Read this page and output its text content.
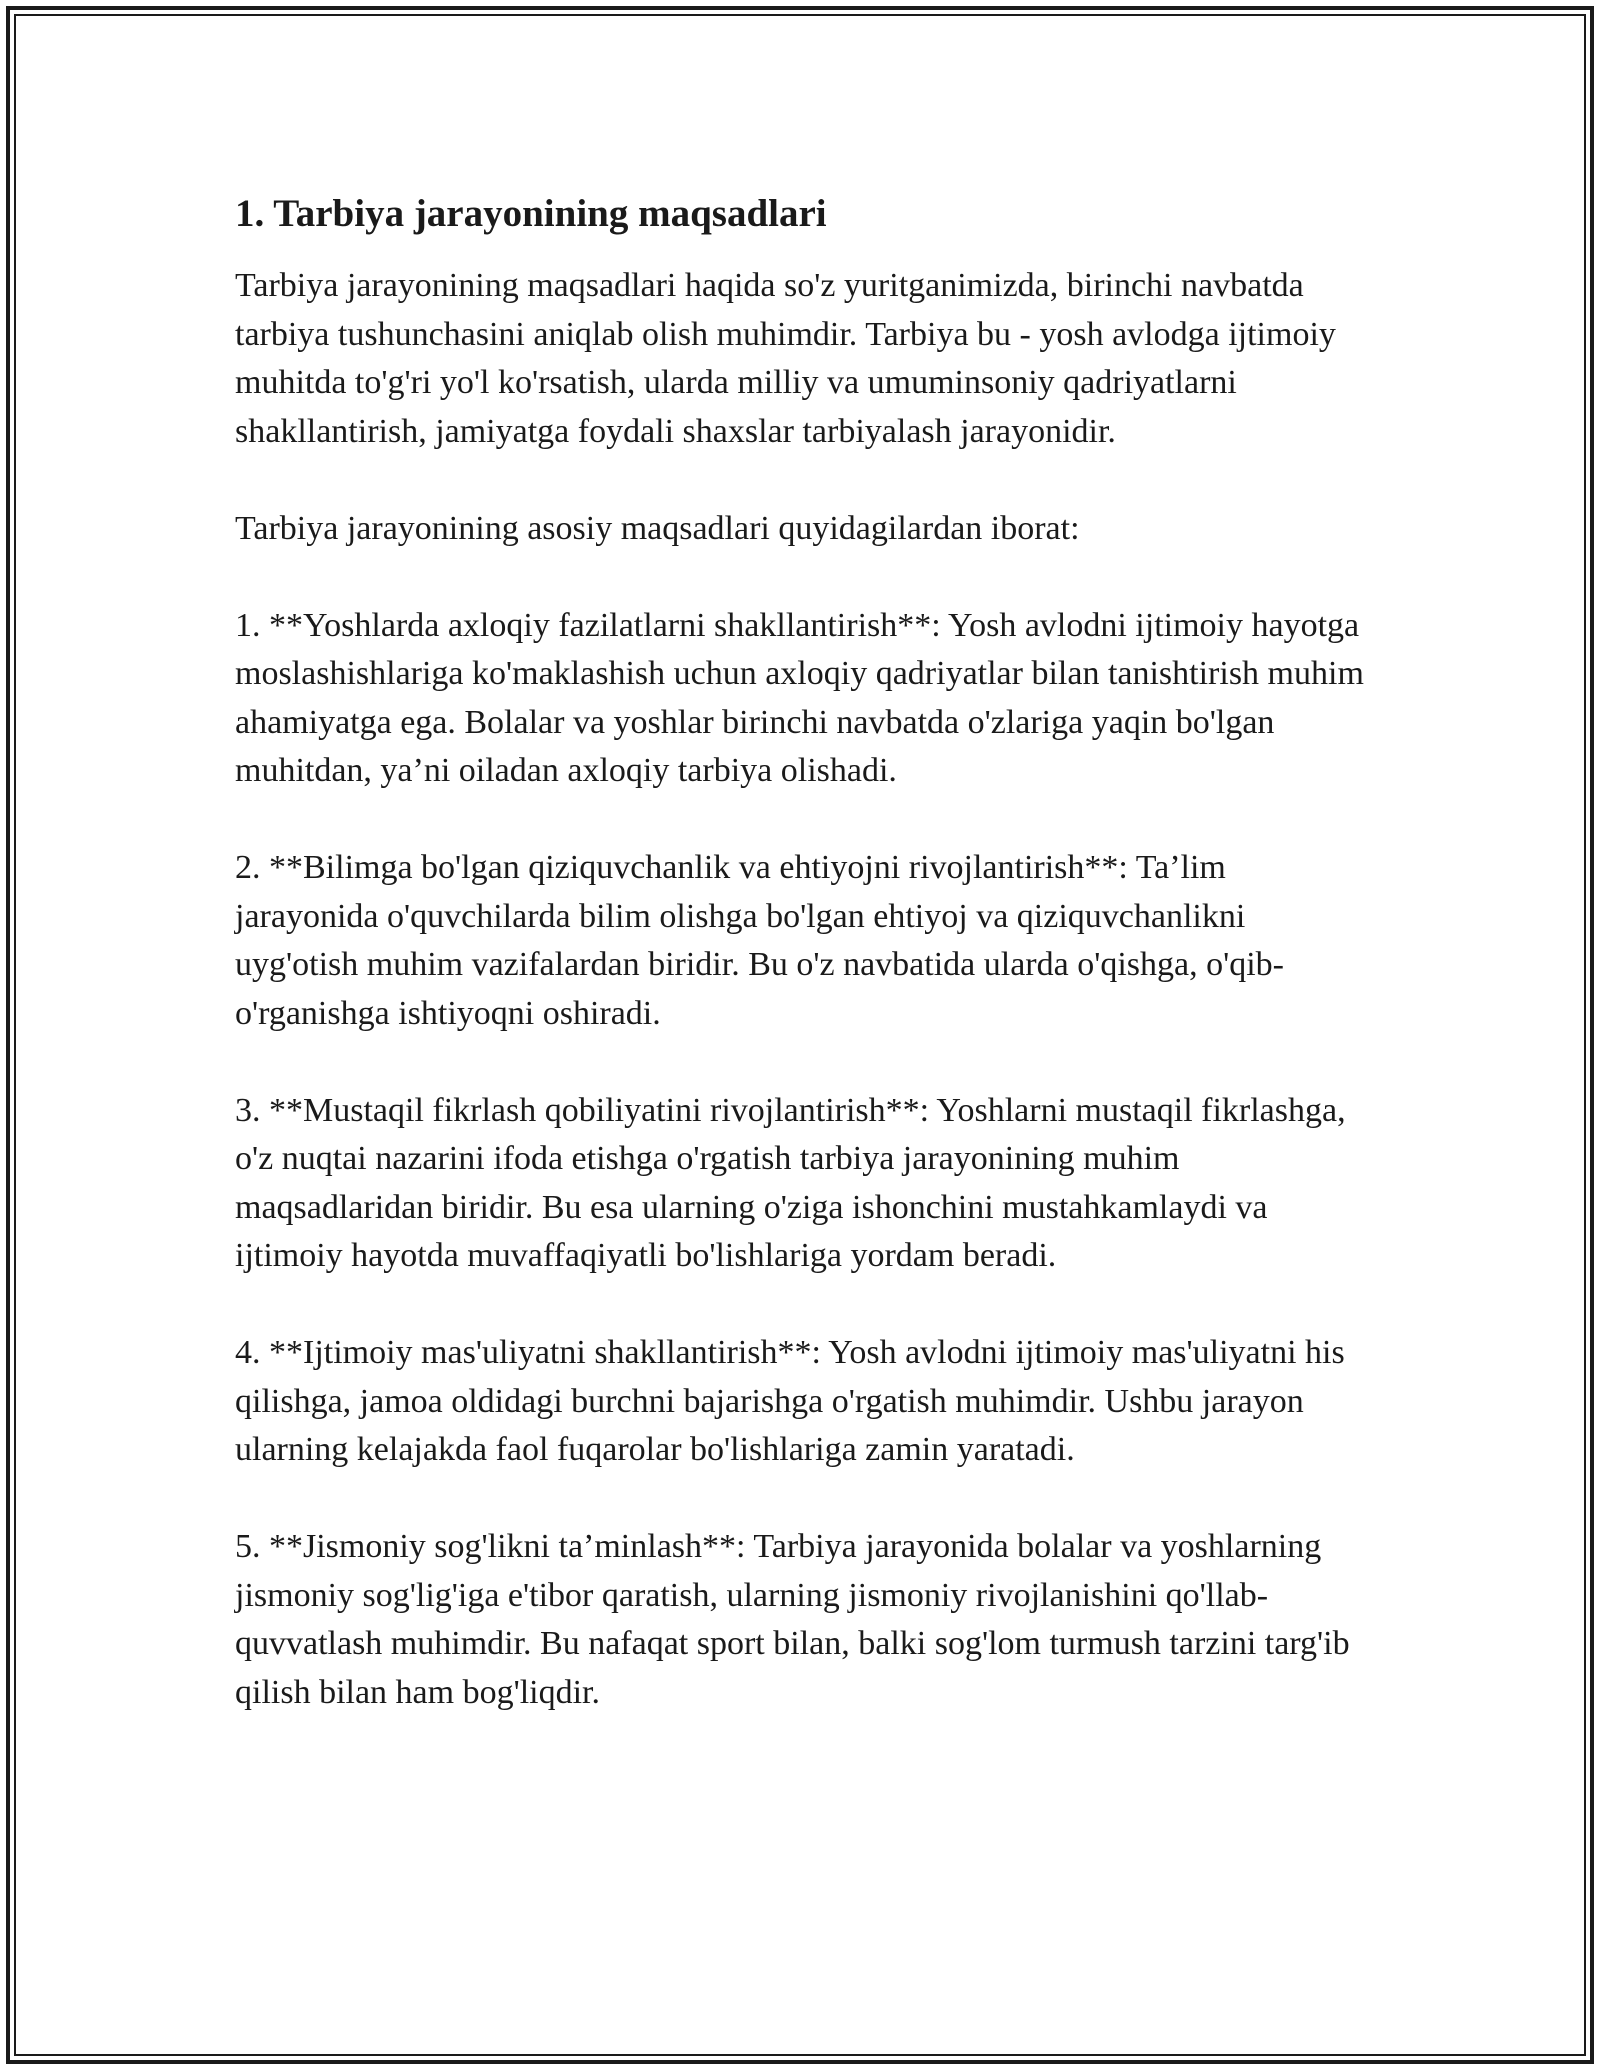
1. Tarbiya jarayonining maqsadlari

Tarbiya jarayonining maqsadlari haqida so'z yuritganimizda, birinchi navbatda tarbiya tushunchasini aniqlab olish muhimdir. Tarbiya bu - yosh avlodga ijtimoiy muhitda to'g'ri yo'l ko'rsatish, ularda milliy va umuminsoniy qadriyatlarni shakllantirish, jamiyatga foydali shaxslar tarbiyalash jarayonidir.

Tarbiya jarayonining asosiy maqsadlari quyidagilardan iborat:

1. **Yoshlarda axloqiy fazilatlarni shakllantirish**: Yosh avlodni ijtimoiy hayotga moslashishlariga ko'maklashish uchun axloqiy qadriyatlar bilan tanishtirish muhim ahamiyatga ega. Bolalar va yoshlar birinchi navbatda o'zlariga yaqin bo'lgan muhitdan, ya’ni oiladan axloqiy tarbiya olishadi.

2. **Bilimga bo'lgan qiziquvchanlik va ehtiyojni rivojlantirish**: Ta’lim jarayonida o'quvchilarda bilim olishga bo'lgan ehtiyoj va qiziquvchanlikni uyg'otish muhim vazifalardan biridir. Bu o'z navbatida ularda o'qishga, o'qib-o'rganishga ishtiyoqni oshiradi.

3. **Mustaqil fikrlash qobiliyatini rivojlantirish**: Yoshlarni mustaqil fikrlashga, o'z nuqtai nazarini ifoda etishga o'rgatish tarbiya jarayonining muhim maqsadlaridan biridir. Bu esa ularning o'ziga ishonchini mustahkamlaydi va ijtimoiy hayotda muvaffaqiyatli bo'lishlariga yordam beradi.

4. **Ijtimoiy mas'uliyatni shakllantirish**: Yosh avlodni ijtimoiy mas'uliyatni his qilishga, jamoa oldidagi burchni bajarishga o'rgatish muhimdir. Ushbu jarayon ularning kelajakda faol fuqarolar bo'lishlariga zamin yaratadi.

5. **Jismoniy sog'likni ta’minlash**: Tarbiya jarayonida bolalar va yoshlarning jismoniy sog'lig'iga e'tibor qaratish, ularning jismoniy rivojlanishini qo'llab-quvvatlash muhimdir. Bu nafaqat sport bilan, balki sog'lom turmush tarzini targ'ib qilish bilan ham bog'liqdir.
